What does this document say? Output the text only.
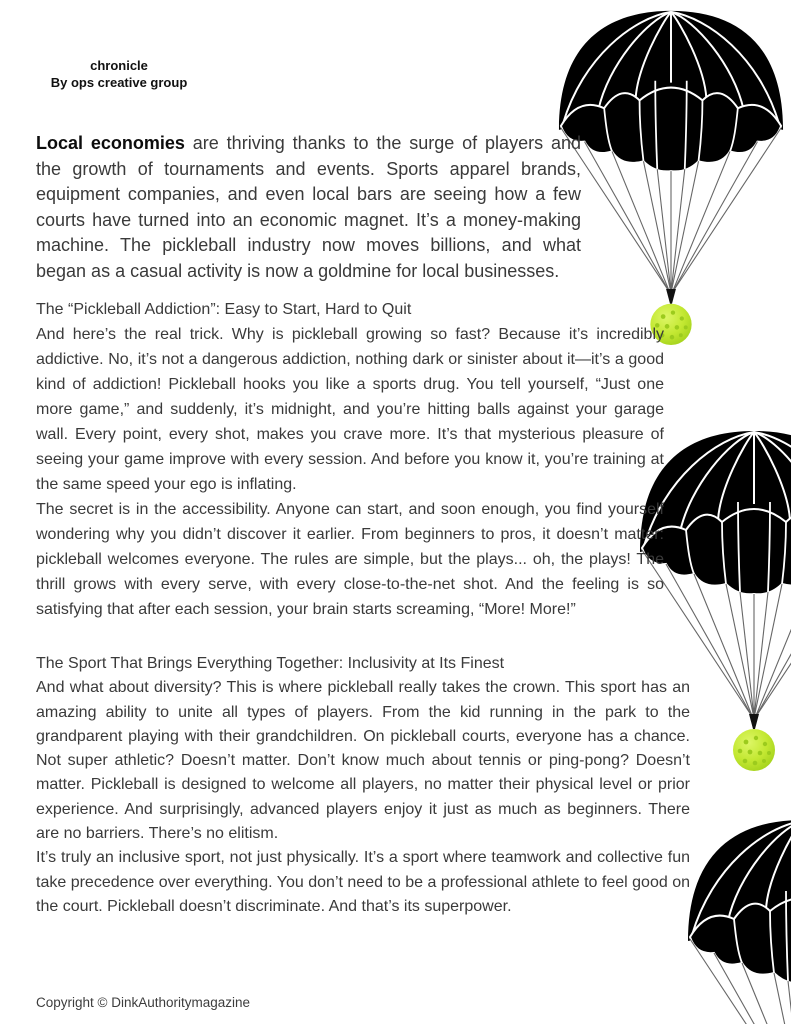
chronicle
By ops creative group

Local economies are thriving thanks to the surge of players and the growth of tournaments and events. Sports apparel brands, equipment companies, and even local bars are seeing how a few courts have turned into an economic magnet. It’s a money-making machine. The pickleball industry now moves billions, and what began as a casual activity is now a goldmine for local businesses.

The “Pickleball Addiction”: Easy to Start, Hard to Quit

And here’s the real trick. Why is pickleball growing so fast? Because it’s incredibly addictive. No, it’s not a dangerous addiction, nothing dark or sinister about it—it’s a good kind of addiction! Pickleball hooks you like a sports drug. You tell yourself, “Just one more game,” and suddenly, it’s midnight, and you’re hitting balls against your garage wall. Every point, every shot, makes you crave more. It’s that mysterious pleasure of seeing your game improve with every session. And before you know it, you’re training at the same speed your ego is inflating.

The secret is in the accessibility. Anyone can start, and soon enough, you find yourself wondering why you didn’t discover it earlier. From beginners to pros, it doesn’t matter: pickleball welcomes everyone. The rules are simple, but the plays... oh, the plays! The thrill grows with every serve, with every close-to-the-net shot. And the feeling is so satisfying that after each session, your brain starts screaming, “More! More!”

The Sport That Brings Everything Together: Inclusivity at Its Finest

And what about diversity? This is where pickleball really takes the crown. This sport has an amazing ability to unite all types of players. From the kid running in the park to the grandparent playing with their grandchildren. On pickleball courts, everyone has a chance. Not super athletic? Doesn’t matter. Don’t know much about tennis or ping-pong? Doesn’t matter. Pickleball is designed to welcome all players, no matter their physical level or prior experience. And surprisingly, advanced players enjoy it just as much as beginners. There are no barriers. There’s no elitism.

It’s truly an inclusive sport, not just physically. It’s a sport where teamwork and collective fun take precedence over everything. You don’t need to be a professional athlete to feel good on the court. Pickleball doesn’t discriminate. And that’s its superpower.

Copyright © DinkAuthoritymagazine
